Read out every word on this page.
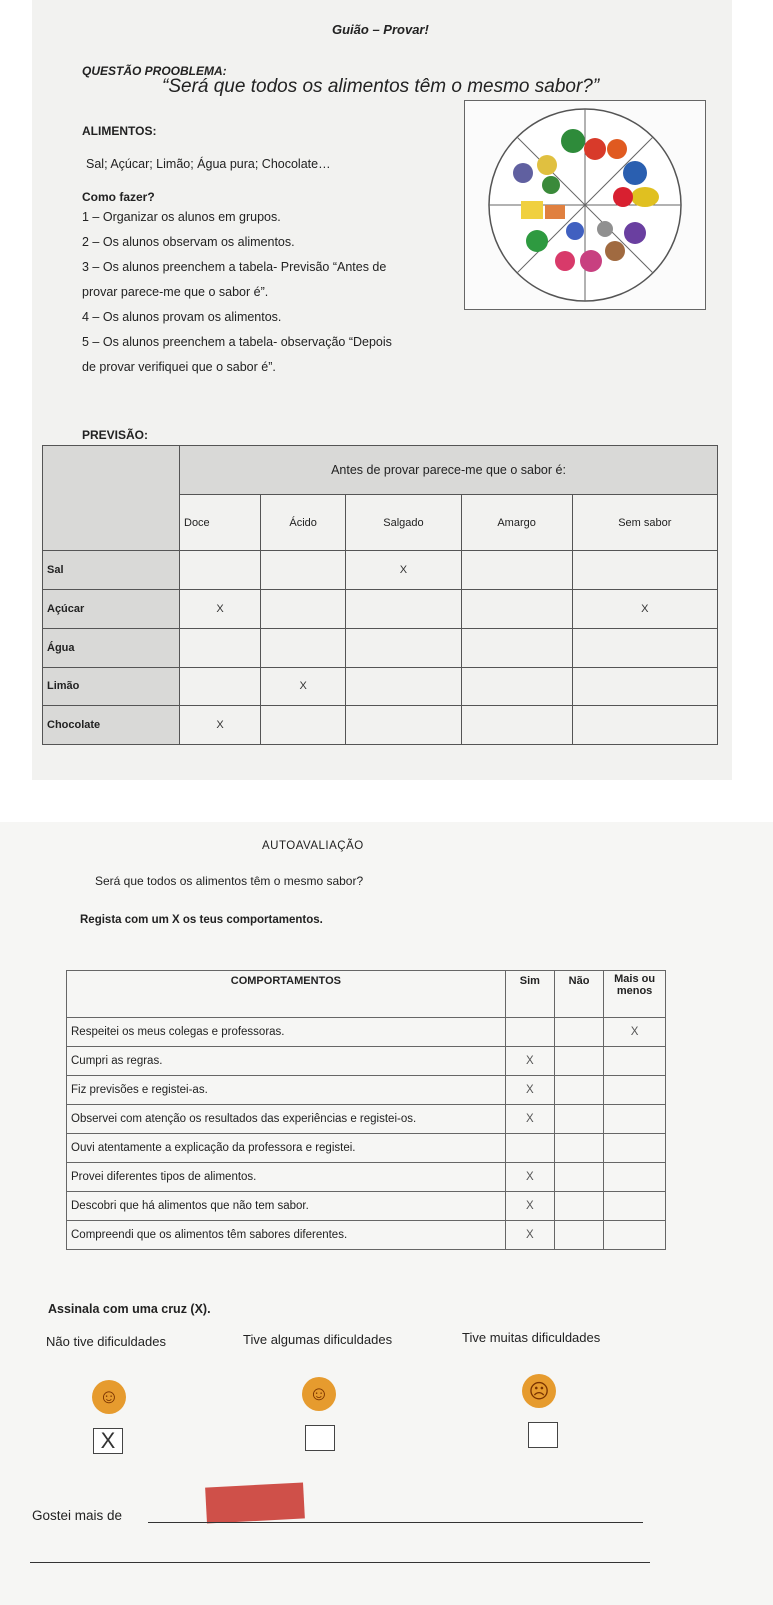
Guião – Provar!
QUESTÃO PROOBLEMA:
“Será que todos os alimentos têm o mesmo sabor?”
ALIMENTOS:
Sal; Açúcar; Limão; Água pura; Chocolate…
Como fazer?
1 – Organizar os alunos em grupos.
2 – Os alunos observam os alimentos.
3 – Os alunos preenchem a tabela- Previsão “Antes de
provar parece-me que o sabor é”.
4 – Os alunos provam os alimentos.
5 – Os alunos preenchem a tabela- observação “Depois
de provar verifiquei que o sabor é”.
PREVISÃO:
	Antes de provar parece-me que o sabor é:				
	Doce	Ácido	Salgado	Amargo	Sem sabor
Sal			X		
Açúcar	X				X
Água					
Limão		X			
Chocolate	X				
AUTOAVALIAÇÃO
Será que todos os alimentos têm o mesmo sabor?
Regista com um X os teus comportamentos.
COMPORTAMENTOS	Sim	Não	Mais ou menos
Respeitei os meus colegas e professoras.			X
Cumpri as regras.	X		
Fiz previsões e registei-as.	X		
Observei com atenção os resultados das experiências e registei-os.	X		
Ouvi atentamente a explicação da professora e registei.			
Provei diferentes tipos de alimentos.	X		
Descobri que há alimentos que não tem sabor.	X		
Compreendi que os alimentos têm sabores diferentes.	X		
Assinala com uma cruz (X).
Não tive dificuldades	Tive algumas dificuldades	Tive muitas dificuldades
☺	☺	☹
X
Gostei mais de
